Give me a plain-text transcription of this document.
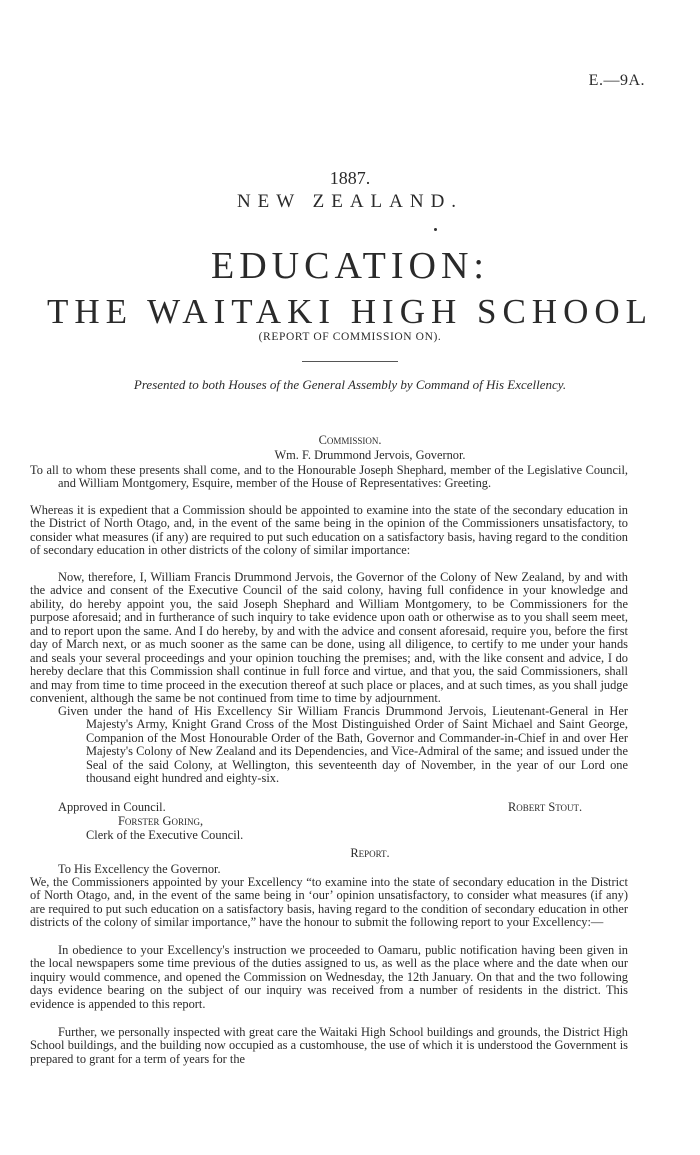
E.—9A.
1887.
NEW ZEALAND.
EDUCATION:
THE WAITAKI HIGH SCHOOL
(REPORT OF COMMISSION ON).
Presented to both Houses of the General Assembly by Command of His Excellency.
Commission.
Wm. F. Drummond Jervois, Governor.

To all to whom these presents shall come, and to the Honourable Joseph Shephard, member of the Legislative Council, and William Montgomery, Esquire, member of the House of Representatives: Greeting.

Whereas it is expedient that a Commission should be appointed to examine into the state of the secondary education in the District of North Otago, and, in the event of the same being in the opinion of the Commissioners unsatisfactory, to consider what measures (if any) are required to put such education on a satisfactory basis, having regard to the condition of secondary education in other districts of the colony of similar importance:

Now, therefore, I, William Francis Drummond Jervois, the Governor of the Colony of New Zealand, by and with the advice and consent of the Executive Council of the said colony, having full confidence in your knowledge and ability, do hereby appoint you, the said Joseph Shephard and William Montgomery, to be Commissioners for the purpose aforesaid; and in furtherance of such inquiry to take evidence upon oath or otherwise as to you shall seem meet, and to report upon the same. And I do hereby, by and with the advice and consent aforesaid, require you, before the first day of March next, or as much sooner as the same can be done, using all diligence, to certify to me under your hands and seals your several proceedings and your opinion touching the premises; and, with the like consent and advice, I do hereby declare that this Commission shall continue in full force and virtue, and that you, the said Commissioners, shall and may from time to time proceed in the execution thereof at such place or places, and at such times, as you shall judge convenient, although the same be not continued from time to time by adjournment.

Given under the hand of His Excellency Sir William Francis Drummond Jervois, Lieutenant-General in Her Majesty's Army, Knight Grand Cross of the Most Distinguished Order of Saint Michael and Saint George, Companion of the Most Honourable Order of the Bath, Governor and Commander-in-Chief in and over Her Majesty's Colony of New Zealand and its Dependencies, and Vice-Admiral of the same; and issued under the Seal of the said Colony, at Wellington, this seventeenth day of November, in the year of our Lord one thousand eight hundred and eighty-six.

Approved in Council.	Robert Stout.
Forster Goring,
Clerk of the Executive Council.
Report.
To His Excellency the Governor.

We, the Commissioners appointed by your Excellency “to examine into the state of secondary education in the District of North Otago, and, in the event of the same being in ‘our’ opinion unsatisfactory, to consider what measures (if any) are required to put such education on a satisfactory basis, having regard to the condition of secondary education in other districts of the colony of similar importance,” have the honour to submit the following report to your Excellency:—

In obedience to your Excellency's instruction we proceeded to Oamaru, public notification having been given in the local newspapers some time previous of the duties assigned to us, as well as the place where and the date when our inquiry would commence, and opened the Commission on Wednesday, the 12th January. On that and the two following days evidence bearing on the subject of our inquiry was received from a number of residents in the district. This evidence is appended to this report.

Further, we personally inspected with great care the Waitaki High School buildings and grounds, the District High School buildings, and the building now occupied as a customhouse, the use of which it is understood the Government is prepared to grant for a term of years for the
